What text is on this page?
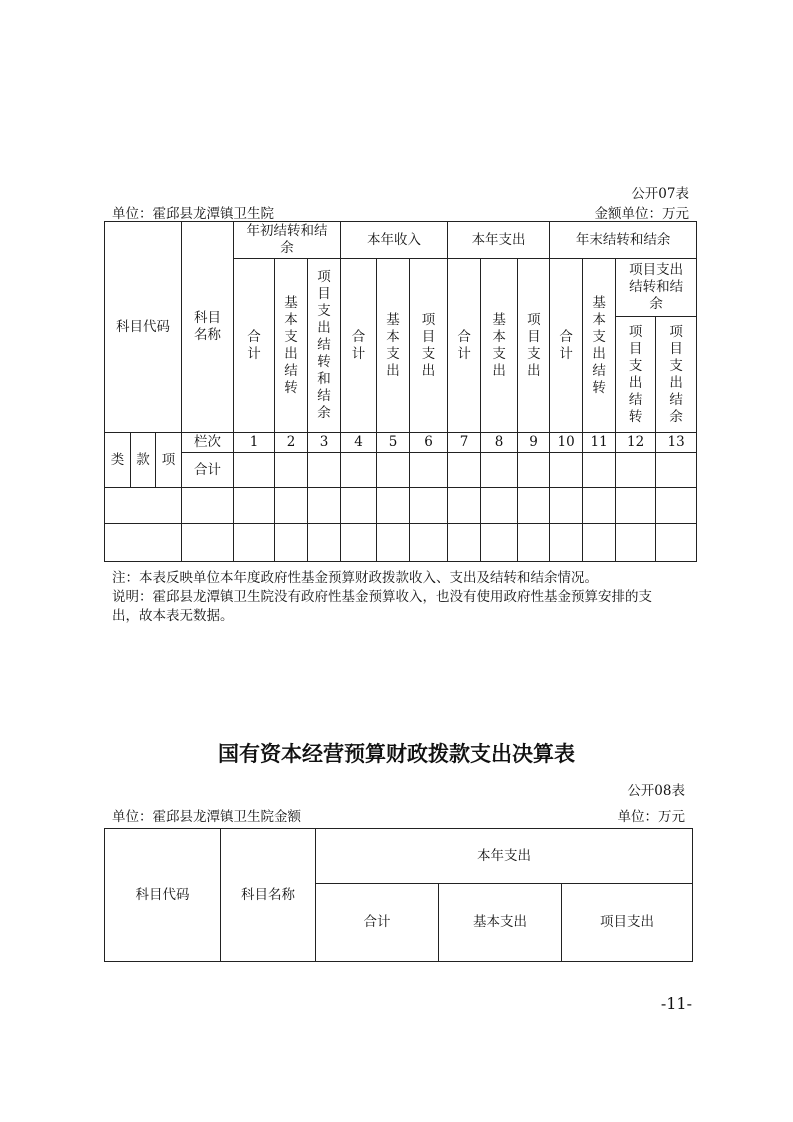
公开07表
单位：霍邱县龙潭镇卫生院	金额单位：万元
科目代码			科目名称	年初结转和结余			本年收入			本年支出			年末结转和结余			
				合计	基本支出结转	项目支出结转和结余	合计	基本支出	项目支出	合计	基本支出	项目支出	合计	基本支出结转	项目支出结转和结余	
															项目支出结转	项目支出结余
类	款	项	栏次	1	2	3	4	5	6	7	8	9	10	11	12	13
			合计													

注：本表反映单位本年度政府性基金预算财政拨款收入、支出及结转和结余情况。
说明：霍邱县龙潭镇卫生院没有政府性基金预算收入，也没有使用政府性基金预算安排的支
出，故本表无数据。
国有资本经营预算财政拨款支出决算表
公开08表
单位：霍邱县龙潭镇卫生院金额	单位：万元
科目代码	科目名称	本年支出		
		合计	基本支出	项目支出
-11-
